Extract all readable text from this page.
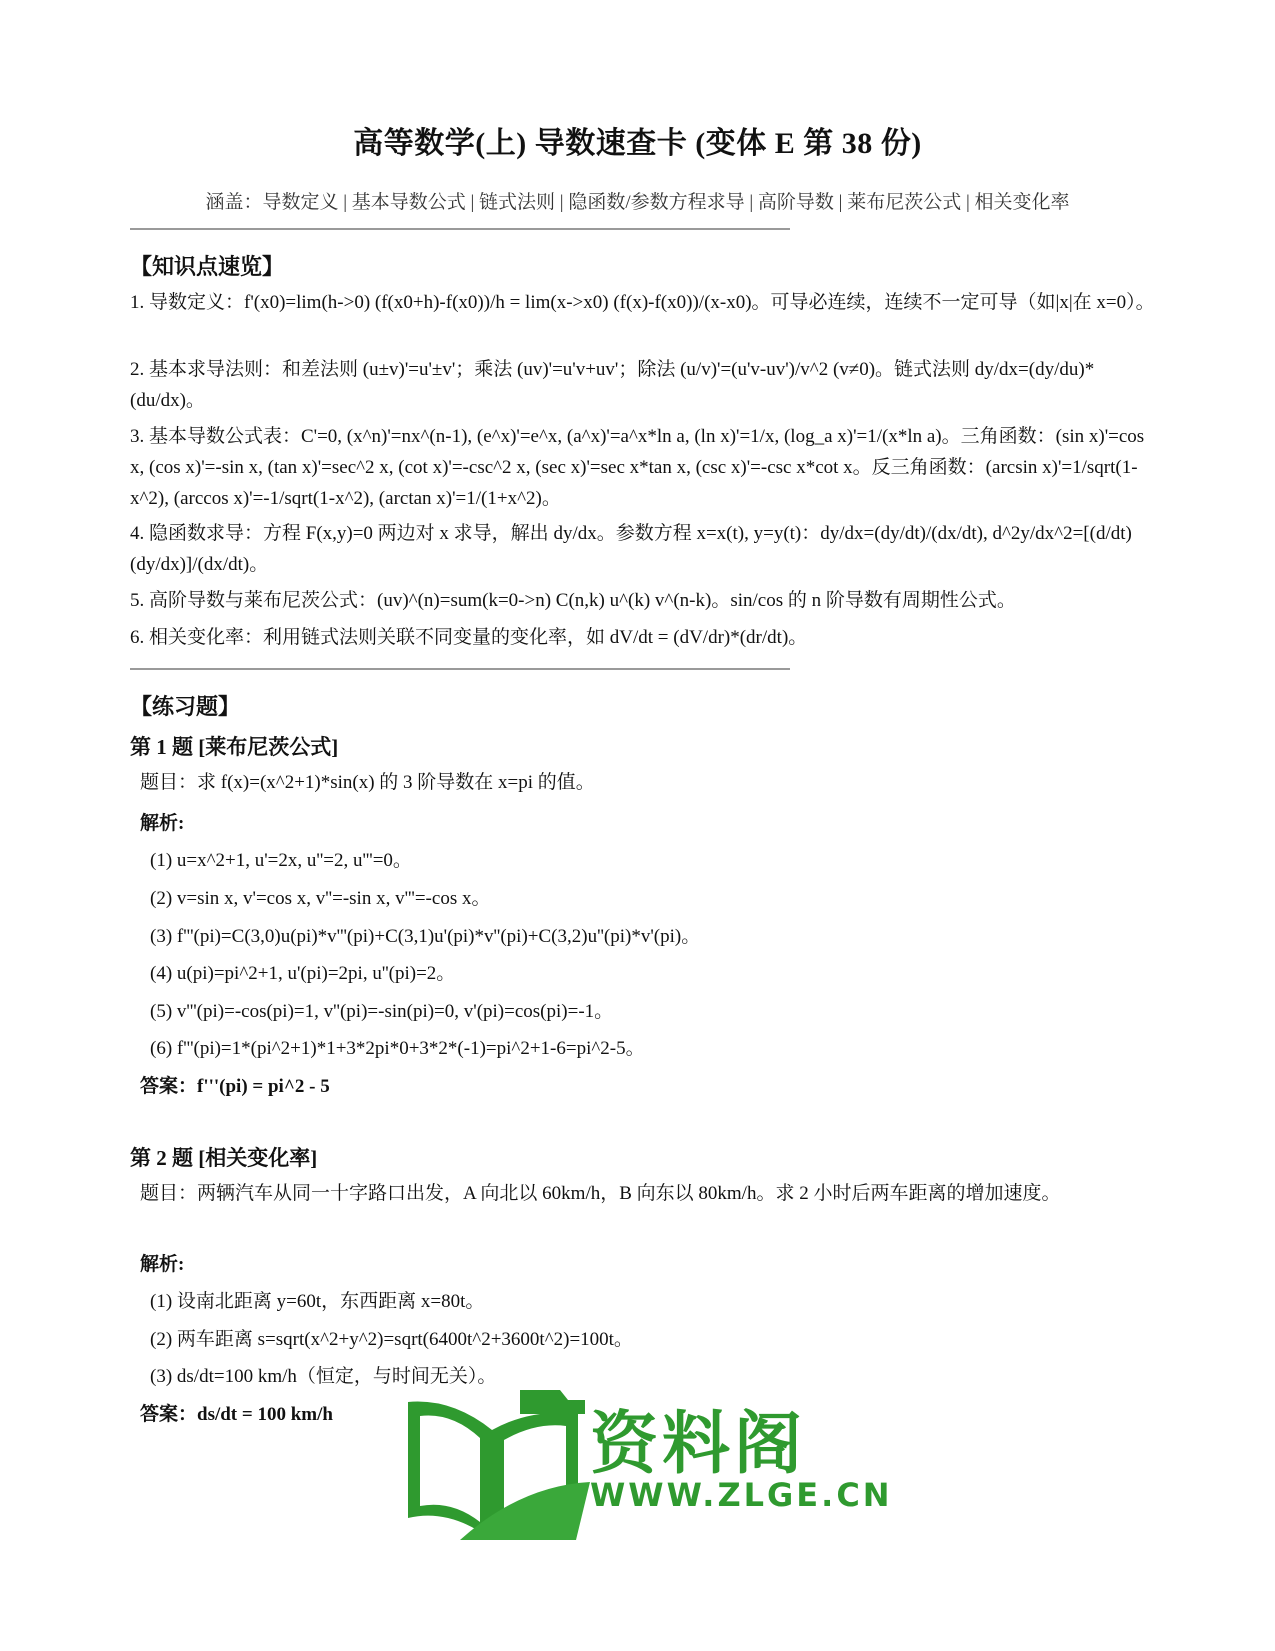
高等数学(上) 导数速查卡 (变体 E 第 38 份)
涵盖：导数定义 | 基本导数公式 | 链式法则 | 隐函数/参数方程求导 | 高阶导数 | 莱布尼茨公式 | 相关变化率
【知识点速览】
1. 导数定义：f'(x0)=lim(h->0) (f(x0+h)-f(x0))/h = lim(x->x0) (f(x)-f(x0))/(x-x0)。可导必连续，连续不一定可导（如|x|在 x=0）。
2. 基本求导法则：和差法则 (u±v)'=u'±v'；乘法 (uv)'=u'v+uv'；除法 (u/v)'=(u'v-uv')/v^2 (v≠0)。链式法则 dy/dx=(dy/du)*(du/dx)。
3. 基本导数公式表：C'=0, (x^n)'=nx^(n-1), (e^x)'=e^x, (a^x)'=a^x*ln a, (ln x)'=1/x, (log_a x)'=1/(x*ln a)。三角函数：(sin x)'=cos x, (cos x)'=-sin x, (tan x)'=sec^2 x, (cot x)'=-csc^2 x, (sec x)'=sec x*tan x, (csc x)'=-csc x*cot x。反三角函数：(arcsin x)'=1/sqrt(1-x^2), (arccos x)'=-1/sqrt(1-x^2), (arctan x)'=1/(1+x^2)。
4. 隐函数求导：方程 F(x,y)=0 两边对 x 求导，解出 dy/dx。参数方程 x=x(t), y=y(t)：dy/dx=(dy/dt)/(dx/dt), d^2y/dx^2=[(d/dt)(dy/dx)]/(dx/dt)。
5. 高阶导数与莱布尼茨公式：(uv)^(n)=sum(k=0->n) C(n,k) u^(k) v^(n-k)。sin/cos 的 n 阶导数有周期性公式。
6. 相关变化率：利用链式法则关联不同变量的变化率，如 dV/dt = (dV/dr)*(dr/dt)。
【练习题】
第 1 题 [莱布尼茨公式]
题目：求 f(x)=(x^2+1)*sin(x) 的 3 阶导数在 x=pi 的值。
解析:
(1) u=x^2+1, u'=2x, u''=2, u'''=0。
(2) v=sin x, v'=cos x, v''=-sin x, v'''=-cos x。
(3) f'''(pi)=C(3,0)u(pi)*v'''(pi)+C(3,1)u'(pi)*v''(pi)+C(3,2)u''(pi)*v'(pi)。
(4) u(pi)=pi^2+1, u'(pi)=2pi, u''(pi)=2。
(5) v'''(pi)=-cos(pi)=1, v''(pi)=-sin(pi)=0, v'(pi)=cos(pi)=-1。
(6) f'''(pi)=1*(pi^2+1)*1+3*2pi*0+3*2*(-1)=pi^2+1-6=pi^2-5。
答案：f'''(pi) = pi^2 - 5
第 2 题 [相关变化率]
题目：两辆汽车从同一十字路口出发，A 向北以 60km/h，B 向东以 80km/h。求 2 小时后两车距离的增加速度。
解析:
(1) 设南北距离 y=60t，东西距离 x=80t。
(2) 两车距离 s=sqrt(x^2+y^2)=sqrt(6400t^2+3600t^2)=100t。
(3) ds/dt=100 km/h（恒定，与时间无关）。
答案：ds/dt = 100 km/h	资料阁
WWW.ZLGE.CN
